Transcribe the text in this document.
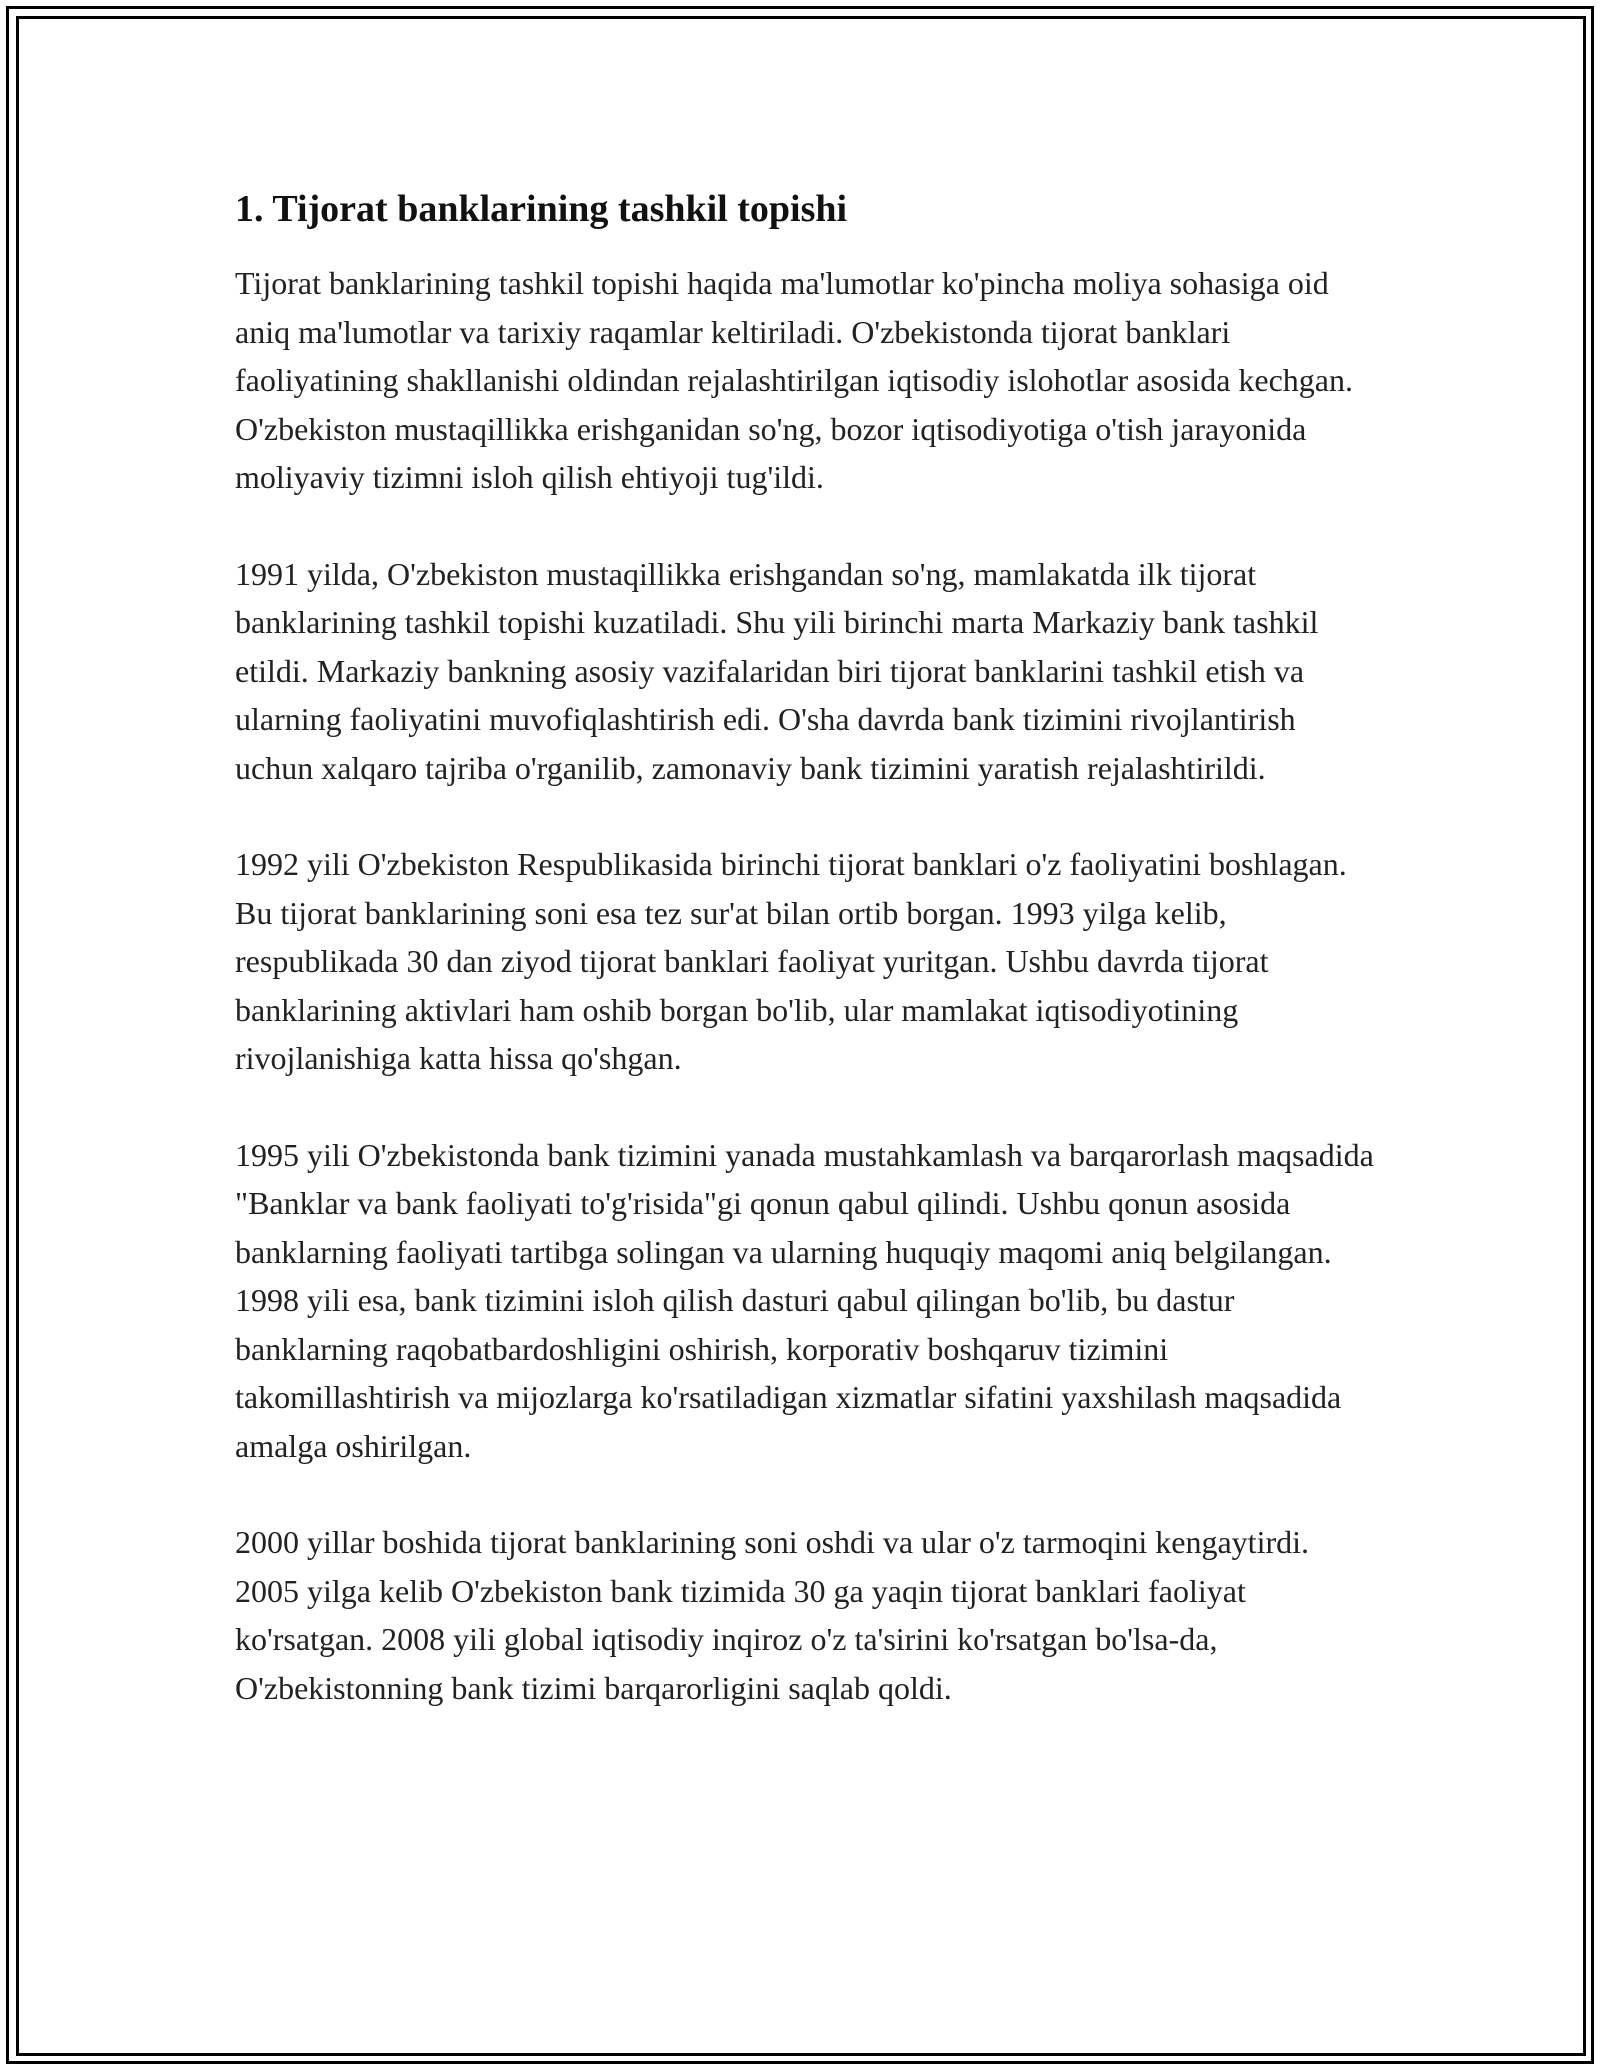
1. Tijorat banklarining tashkil topishi

Tijorat banklarining tashkil topishi haqida ma'lumotlar ko'pincha moliya sohasiga oid aniq ma'lumotlar va tarixiy raqamlar keltiriladi. O'zbekistonda tijorat banklari faoliyatining shakllanishi oldindan rejalashtirilgan iqtisodiy islohotlar asosida kechgan. O'zbekiston mustaqillikka erishganidan so'ng, bozor iqtisodiyotiga o'tish jarayonida moliyaviy tizimni isloh qilish ehtiyoji tug'ildi.

1991 yilda, O'zbekiston mustaqillikka erishgandan so'ng, mamlakatda ilk tijorat banklarining tashkil topishi kuzatiladi. Shu yili birinchi marta Markaziy bank tashkil etildi. Markaziy bankning asosiy vazifalaridan biri tijorat banklarini tashkil etish va ularning faoliyatini muvofiqlashtirish edi. O'sha davrda bank tizimini rivojlantirish uchun xalqaro tajriba o'rganilib, zamonaviy bank tizimini yaratish rejalashtirildi.

1992 yili O'zbekiston Respublikasida birinchi tijorat banklari o'z faoliyatini boshlagan. Bu tijorat banklarining soni esa tez sur'at bilan ortib borgan. 1993 yilga kelib, respublikada 30 dan ziyod tijorat banklari faoliyat yuritgan. Ushbu davrda tijorat banklarining aktivlari ham oshib borgan bo'lib, ular mamlakat iqtisodiyotining rivojlanishiga katta hissa qo'shgan.

1995 yili O'zbekistonda bank tizimini yanada mustahkamlash va barqarorlash maqsadida "Banklar va bank faoliyati to'g'risida"gi qonun qabul qilindi. Ushbu qonun asosida banklarning faoliyati tartibga solingan va ularning huquqiy maqomi aniq belgilangan. 1998 yili esa, bank tizimini isloh qilish dasturi qabul qilingan bo'lib, bu dastur banklarning raqobatbardoshligini oshirish, korporativ boshqaruv tizimini takomillashtirish va mijozlarga ko'rsatiladigan xizmatlar sifatini yaxshilash maqsadida amalga oshirilgan.

2000 yillar boshida tijorat banklarining soni oshdi va ular o'z tarmoqini kengaytirdi. 2005 yilga kelib O'zbekiston bank tizimida 30 ga yaqin tijorat banklari faoliyat ko'rsatgan. 2008 yili global iqtisodiy inqiroz o'z ta'sirini ko'rsatgan bo'lsa-da, O'zbekistonning bank tizimi barqarorligini saqlab qoldi.
